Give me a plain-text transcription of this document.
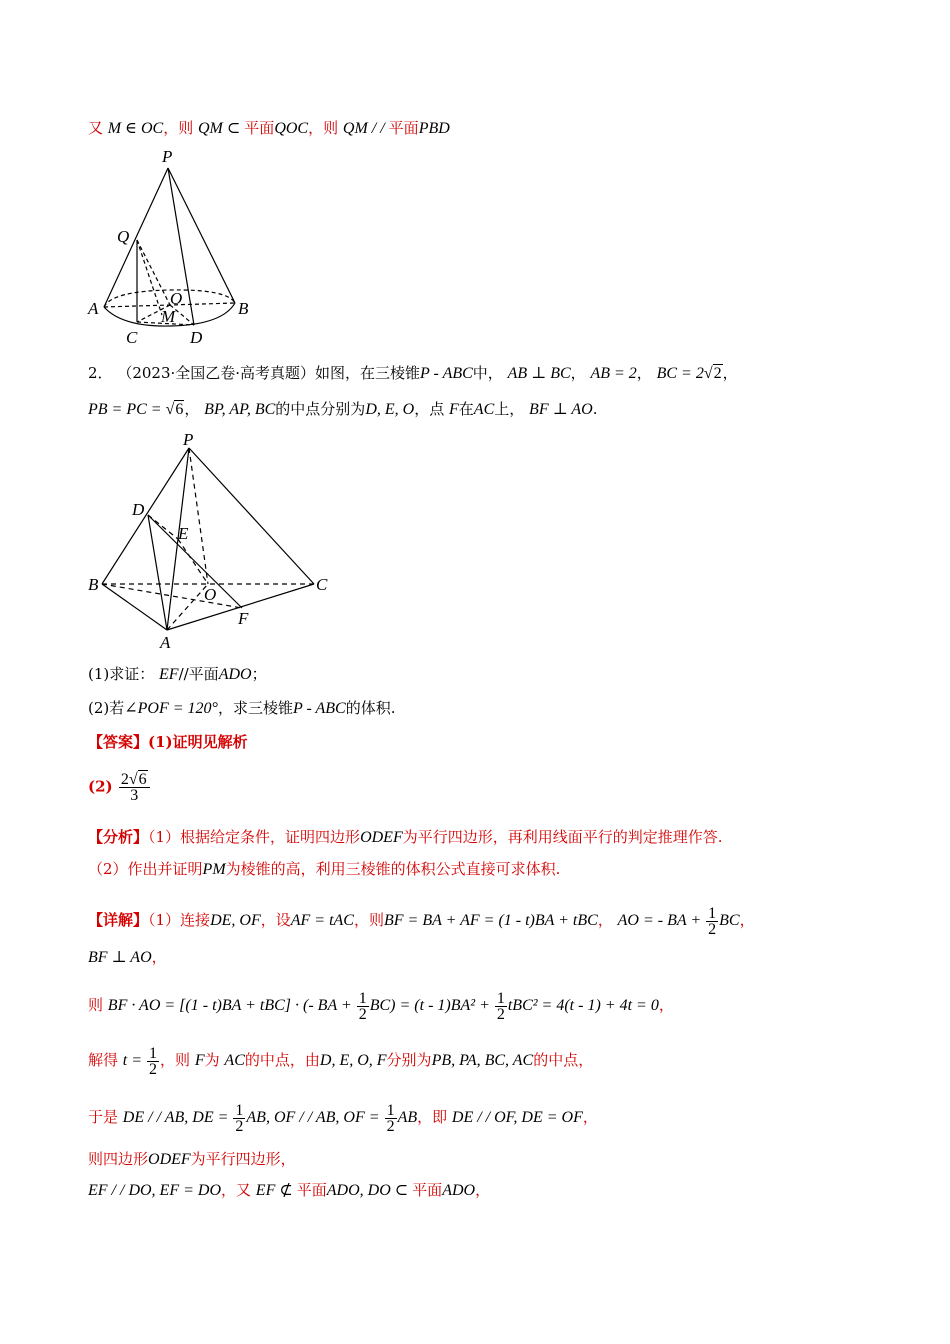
又 M ∈ OC，则 QM ⊂ 平面QOC，则 QM / / 平面PBD
P
Q
O
M
A	B
C	D
2． （2023·全国乙卷·高考真题）如图，在三棱锥P - ABC中， AB ⊥ BC， AB = 2， BC = 2√2，
PB = PC = √6， BP, AP, BC的中点分别为D, E, O，点 F在AC上， BF ⊥ AO.
P
D
E
B
O
C
F
A
(1)求证： EF//平面ADO；
(2)若∠POF = 120°，求三棱锥P - ABC的体积.
【答案】(1)证明见解析
$(2) \frac{2√6}{3}$
【分析】（1）根据给定条件，证明四边形ODEF为平行四边形，再利用线面平行的判定推理作答.
（2）作出并证明PM为棱锥的高，利用三棱锥的体积公式直接可求体积.
【详解】（1）连接DE, OF，设AF = tAC，则BF = BA + AF = (1 - t)BA + tBC， AO = - BA + $\frac{1}{2}$ BC，
BF ⊥ AO，
则 BF · AO = [(1 - t)BA + tBC] · (- BA + $\frac{1}{2} BC) = (t - 1)BA^2 + \frac{1}{2} tBC^2 = 4(t - 1) + 4t = 0$，
解得 $t = \frac{1}{2}$ ，则 F为 AC的中点，由D, E, O, F分别为PB, PA, BC, AC的中点，
于是 DE / / AB, DE = $\frac{1}{2}$ AB, OF / / AB, OF = $\frac{1}{2}$ AB，即 DE / / OF, DE = OF，
则四边形ODEF为平行四边形，
EF / / DO, EF = DO，又 EF ⊄ 平面ADO, DO ⊂ 平面ADO，
